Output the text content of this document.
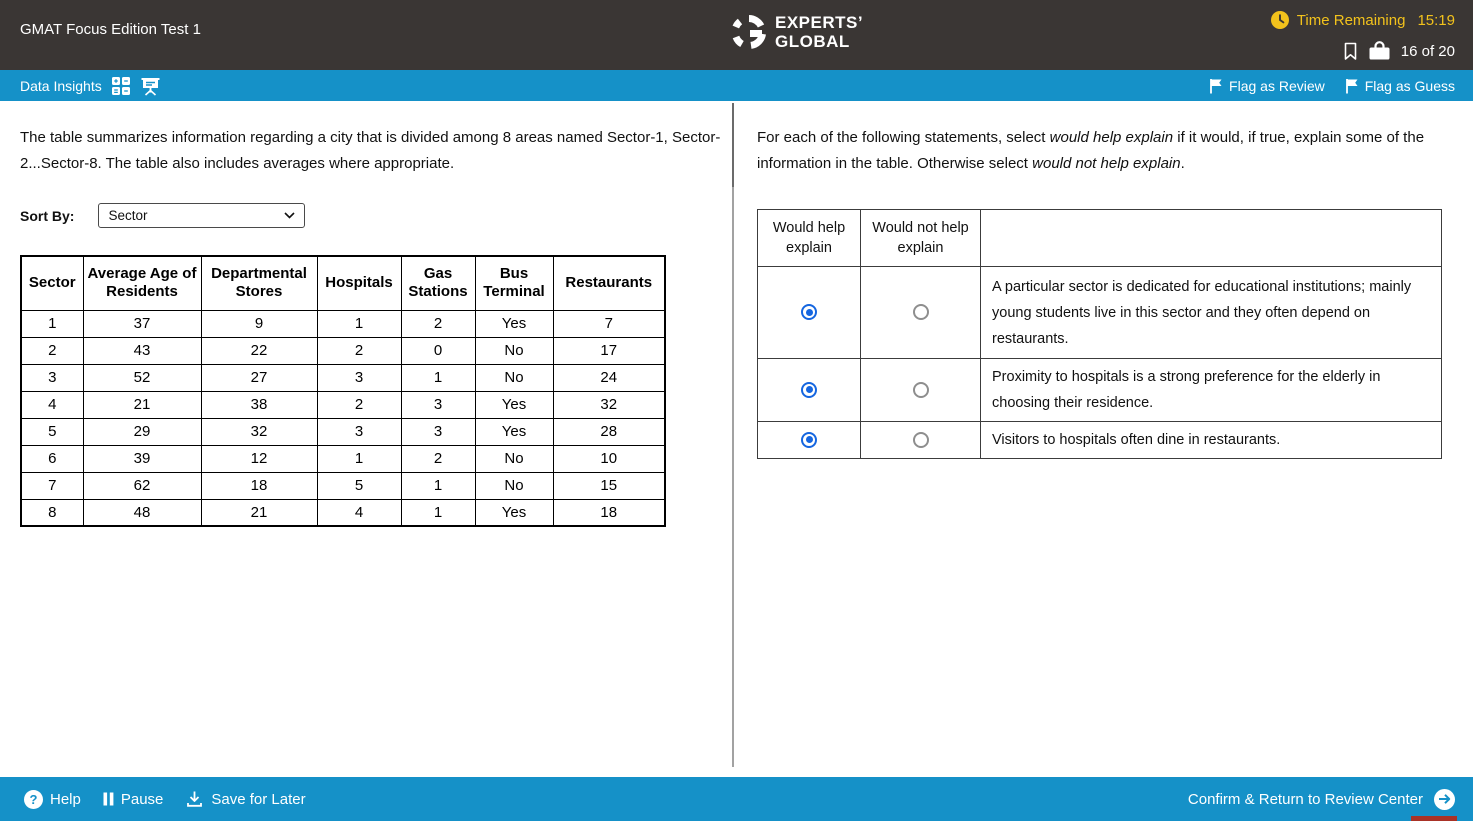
GMAT Focus Edition Test 1	EXPERTS’
GLOBAL
Time Remaining 15:19
16 of 20
Data Insights	Flag as Review	Flag as Guess
The table summarizes information regarding a city that is divided among 8 areas named Sector-1, Sector-2...Sector-8. The table also includes averages where appropriate.
Sort By:	Sector
Sector	Average Age of Residents	Departmental Stores	Hospitals	Gas Stations	Bus Terminal	Restaurants
1	37	9	1	2	Yes	7
2	43	22	2	0	No	17
3	52	27	3	1	No	24
4	21	38	2	3	Yes	32
5	29	32	3	3	Yes	28
6	39	12	1	2	No	10
7	62	18	5	1	No	15
8	48	21	4	1	Yes	18
For each of the following statements, select would help explain if it would, if true, explain some of the information in the table. Otherwise select would not help explain.
Would help explain	Would not help explain	
		A particular sector is dedicated for educational institutions; mainly young students live in this sector and they often depend on restaurants.
		Proximity to hospitals is a strong preference for the elderly in choosing their residence.
		Visitors to hospitals often dine in restaurants.
? Help	Pause	Save for Later	Confirm & Return to Review Center
